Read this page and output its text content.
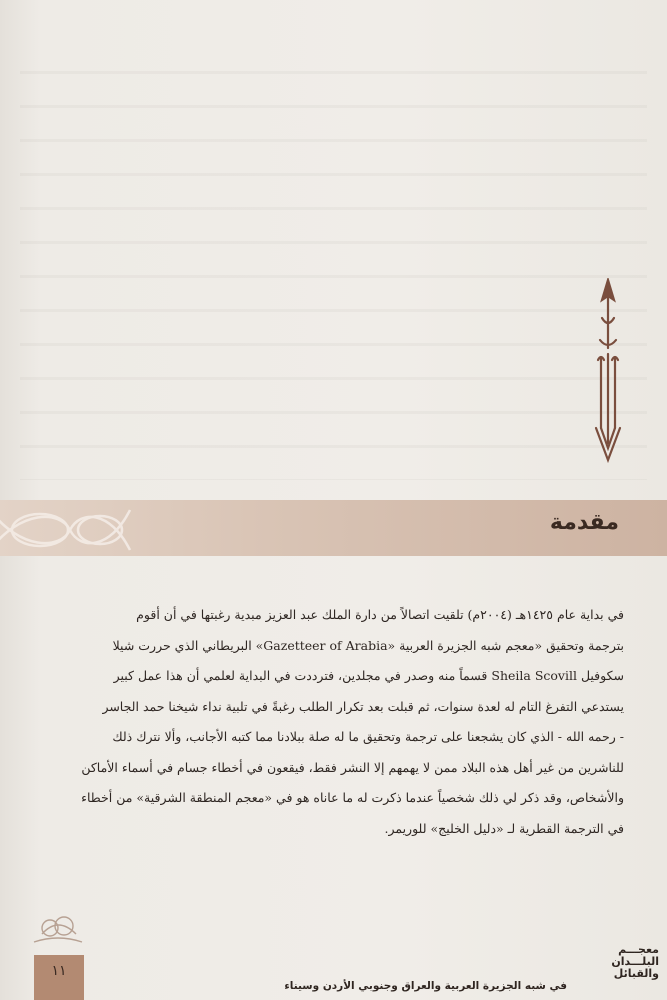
مقدمة

في بداية عام ١٤٢٥هـ (٢٠٠٤م) تلقيت اتصالاً من دارة الملك عبد العزيز مبدية رغبتها في أن أقوم

بترجمة وتحقيق «معجم شبه الجزيرة العربية «Gazetteer of Arabia» البريطاني الذي حررت شيلا

سكوفيل Sheila Scovill قسماً منه وصدر في مجلدين، فترددت في البداية لعلمي أن هذا عمل كبير

يستدعي التفرغ التام له لعدة سنوات، ثم قبلت بعد تكرار الطلب رغبةً في تلبية نداء شيخنا حمد الجاسر

- رحمه الله - الذي كان يشجعنا على ترجمة وتحقيق ما له صلة ببلادنا مما كتبه الأجانب، وألا نترك ذلك

للناشرين من غير أهل هذه البلاد ممن لا يهمهم إلا النشر فقط، فيقعون في أخطاء جسام في أسماء الأماكن

والأشخاص، وقد ذكر لي ذلك شخصياً عندما ذكرت له ما عاناه هو في «معجم المنطقة الشرقية» من أخطاء

في الترجمة القطرية لـ «دليل الخليج» للوريمر.

١١
معجـــم
البلـــدان
والقبائل
في شبه الجزيرة العربية والعراق وجنوبي الأردن وسيناء
